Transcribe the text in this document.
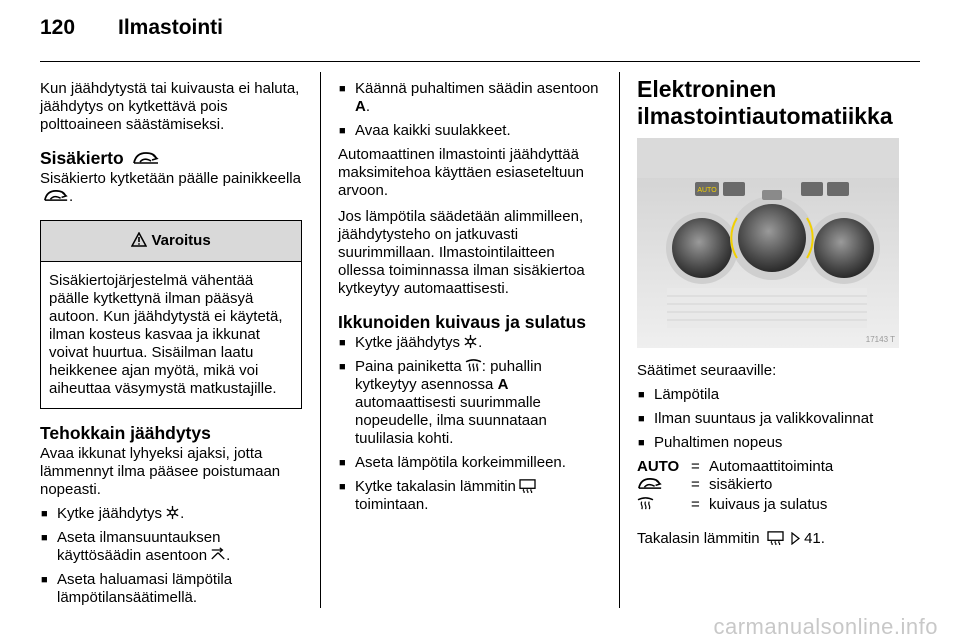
120 Ilmastointi

Kun jäähdytystä tai kuivausta ei haluta, jäähdytys on kytkettävä pois polttoaineen säästämiseksi.

Sisäkierto

Sisäkierto kytketään päälle painikkeella .

Varoitus
Sisäkiertojärjestelmä vähentää päälle kytkettynä ilman pääsyä autoon. Kun jäähdytystä ei käytetä, ilman kosteus kasvaa ja ikkunat voivat huurtua. Sisäilman laatu heikkenee ajan myötä, mikä voi aiheuttaa väsymystä matkustajille.
Tehokkain jäähdytys

Avaa ikkunat lyhyeksi ajaksi, jotta lämmennyt ilma pääsee poistumaan nopeasti.

■ Kytke jäähdytys .
■ Aseta ilmansuuntauksen käyttösäädin asentoon .
■ Aseta haluamasi lämpötila lämpötilansäätimellä.
■ Käännä puhaltimen säädin asentoon A.
■ Avaa kaikki suulakkeet.

Automaattinen ilmastointi jäähdyttää maksimitehoa käyttäen esiaseteltuun arvoon.

Jos lämpötila säädetään alimmilleen, jäähdytysteho on jatkuvasti suurimmillaan. Ilmastointilaitteen ollessa toiminnassa ilman sisäkiertoa kytkeytyy automaattisesti.

Ikkunoiden kuivaus ja sulatus
■ Kytke jäähdytys .
■ Paina painiketta : puhallin kytkeytyy asennossa A automaattisesti suurimmalle nopeudelle, ilma suunnataan tuulilasia kohti.
■ Aseta lämpötila korkeimmilleen.
■ Kytke takalasin lämmitin toimintaan.
Elektroninen ilmastointiautomatiikka
AUTO
17143 T

Säätimet seuraaville:

■ Lämpötila
■ Ilman suuntaus ja valikkovalinnat
■ Puhaltimen nopeus
AUTO = Automaattitoiminta
= sisäkierto
= kuivaus ja sulatus

Takalasin lämmitin	41.

carmanualsonline.info
